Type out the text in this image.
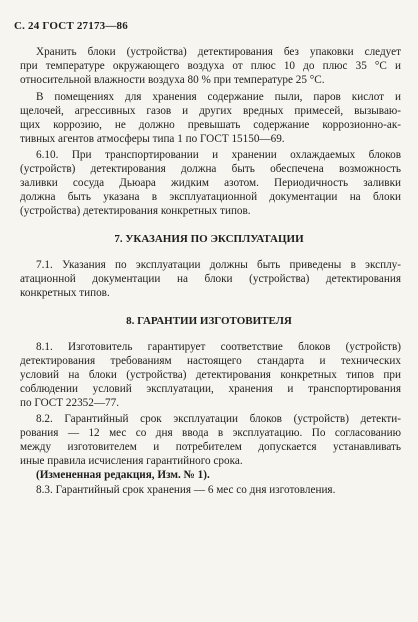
С. 24 ГОСТ 27173—86
Хранить блоки (устройства) детектирования без упаковки следует
при температуре окружающего воздуха от плюс 10 до плюс 35 °С и
относительной влажности воздуха 80 % при температуре 25 °С.
В помещениях для хранения содержание пыли, паров кислот и
щелочей, агрессивных газов и других вредных примесей, вызываю-
щих коррозию, не должно превышать содержание коррозионно-ак-
тивных агентов атмосферы типа 1 по ГОСТ 15150—69.
6.10. При транспортировании и хранении охлаждаемых блоков
(устройств) детектирования должна быть обеспечена возможность
заливки сосуда Дьюара жидким азотом. Периодичность заливки
должна быть указана в эксплуатационной документации на блоки
(устройства) детектирования конкретных типов.
7. УКАЗАНИЯ ПО ЭКСПЛУАТАЦИИ
7.1. Указания по эксплуатации должны быть приведены в эксплу-
атационной документации на блоки (устройства) детектирования
конкретных типов.
8. ГАРАНТИИ ИЗГОТОВИТЕЛЯ
8.1. Изготовитель гарантирует соответствие блоков (устройств)
детектирования требованиям настоящего стандарта и технических
условий на блоки (устройства) детектирования конкретных типов при
соблюдении условий эксплуатации, хранения и транспортирования
по ГОСТ 22352—77.
8.2. Гарантийный срок эксплуатации блоков (устройств) детекти-
рования — 12 мес со дня ввода в эксплуатацию. По согласованию
между изготовителем и потребителем допускается устанавливать
иные правила исчисления гарантийного срока.
(Измененная редакция, Изм. № 1).
8.3. Гарантийный срок хранения — 6 мес со дня изготовления.
